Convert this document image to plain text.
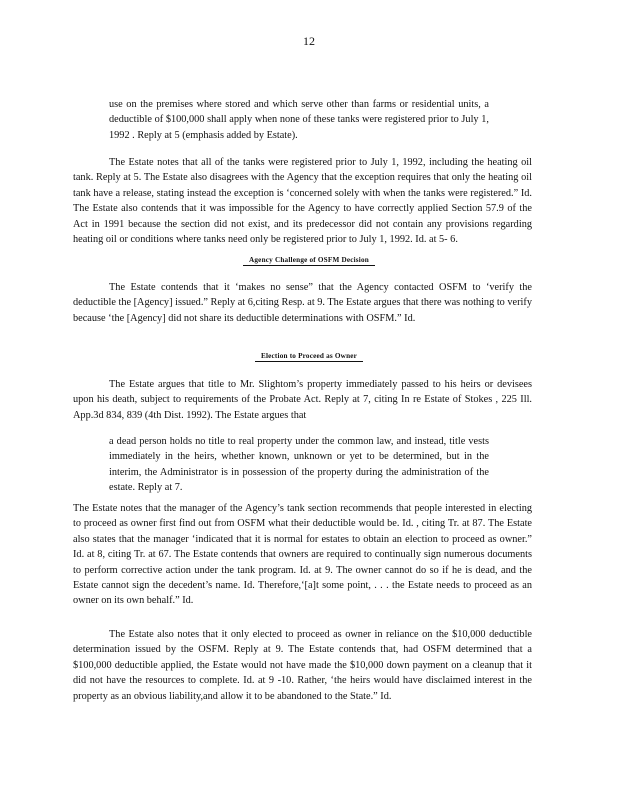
12

use on the premises where stored and which serve other than farms or residential units, a deductible of $100,000 shall apply when none of these tanks were registered prior to July 1, 1992 . Reply at 5 (emphasis added by Estate).

The Estate notes that all of the tanks were registered prior to July 1, 1992, including the heating oil tank. Reply at 5. The Estate also disagrees with the Agency that the exception requires that only the heating oil tank have a release, stating instead the exception is ‘concerned solely with when the tanks were registered.” Id. The Estate also contends that it was impossible for the Agency to have correctly applied Section 57.9 of the Act in 1991 because the section did not exist, and its predecessor did not contain any provisions regarding heating oil or conditions where tanks need only be registered prior to July 1, 1992. Id. at 5- 6.

Agency Challenge of OSFM Decision

The Estate contends that it ‘makes no sense” that the Agency contacted OSFM to ‘verify the deductible the [Agency] issued.” Reply at 6,citing Resp. at 9. The Estate argues that there was nothing to verify because ‘the [Agency] did not share its deductible determinations with OSFM.” Id.

Election to Proceed as Owner

The Estate argues that title to Mr. Slightom’s property immediately passed to his heirs or devisees upon his death, subject to requirements of the Probate Act. Reply at 7, citing In re Estate of Stokes , 225 Ill. App.3d 834, 839 (4th Dist. 1992). The Estate argues that

a dead person holds no title to real property under the common law, and instead, title vests immediately in the heirs, whether known, unknown or yet to be determined, but in the interim, the Administrator is in possession of the property during the administration of the estate. Reply at 7.

The Estate notes that the manager of the Agency’s tank section recommends that people interested in electing to proceed as owner first find out from OSFM what their deductible would be. Id. , citing Tr. at 87. The Estate also states that the manager ‘indicated that it is normal for estates to obtain an election to proceed as owner.” Id. at 8, citing Tr. at 67. The Estate contends that owners are required to continually sign numerous documents to perform corrective action under the tank program. Id. at 9. The owner cannot do so if he is dead, and the Estate cannot sign the decedent’s name. Id. Therefore,‘[a]t some point, . . . the Estate needs to proceed as an owner on its own behalf.” Id.

The Estate also notes that it only elected to proceed as owner in reliance on the $10,000 deductible determination issued by the OSFM. Reply at 9. The Estate contends that, had OSFM determined that a $100,000 deductible applied, the Estate would not have made the $10,000 down payment on a cleanup that it did not have the resources to complete. Id. at 9 -10. Rather, ‘the heirs would have disclaimed interest in the property as an obvious liability,and allow it to be abandoned to the State.” Id.
